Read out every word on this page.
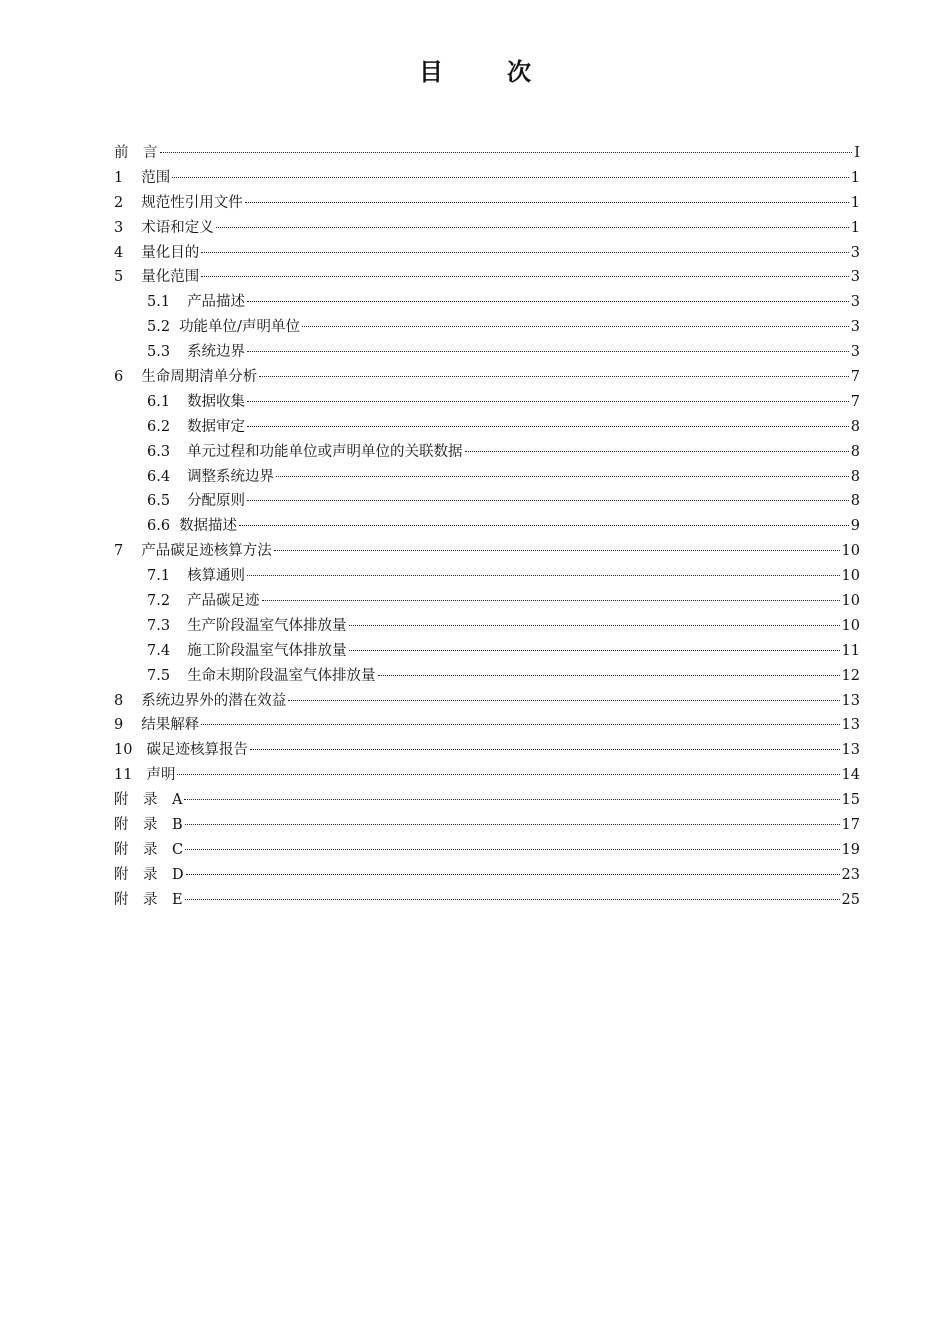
目　次
前　言	I
1 范围	1
2 规范性引用文件	1
3 术语和定义	1
4 量化目的	3
5 量化范围	3
5.1 产品描述	3
5.2 功能单位/声明单位	3
5.3 系统边界	3
6 生命周期清单分析	7
6.1 数据收集	7
6.2 数据审定	8
6.3 单元过程和功能单位或声明单位的关联数据	8
6.4 调整系统边界	8
6.5 分配原则	8
6.6 数据描述	9
7 产品碳足迹核算方法	10
7.1 核算通则	10
7.2 产品碳足迹	10
7.3 生产阶段温室气体排放量	10
7.4 施工阶段温室气体排放量	11
7.5 生命末期阶段温室气体排放量	12
8 系统边界外的潜在效益	13
9 结果解释	13
10 碳足迹核算报告	13
11 声明	14
附　录　A	15
附　录　B	17
附　录　C	19
附　录　D	23
附　录　E	25
